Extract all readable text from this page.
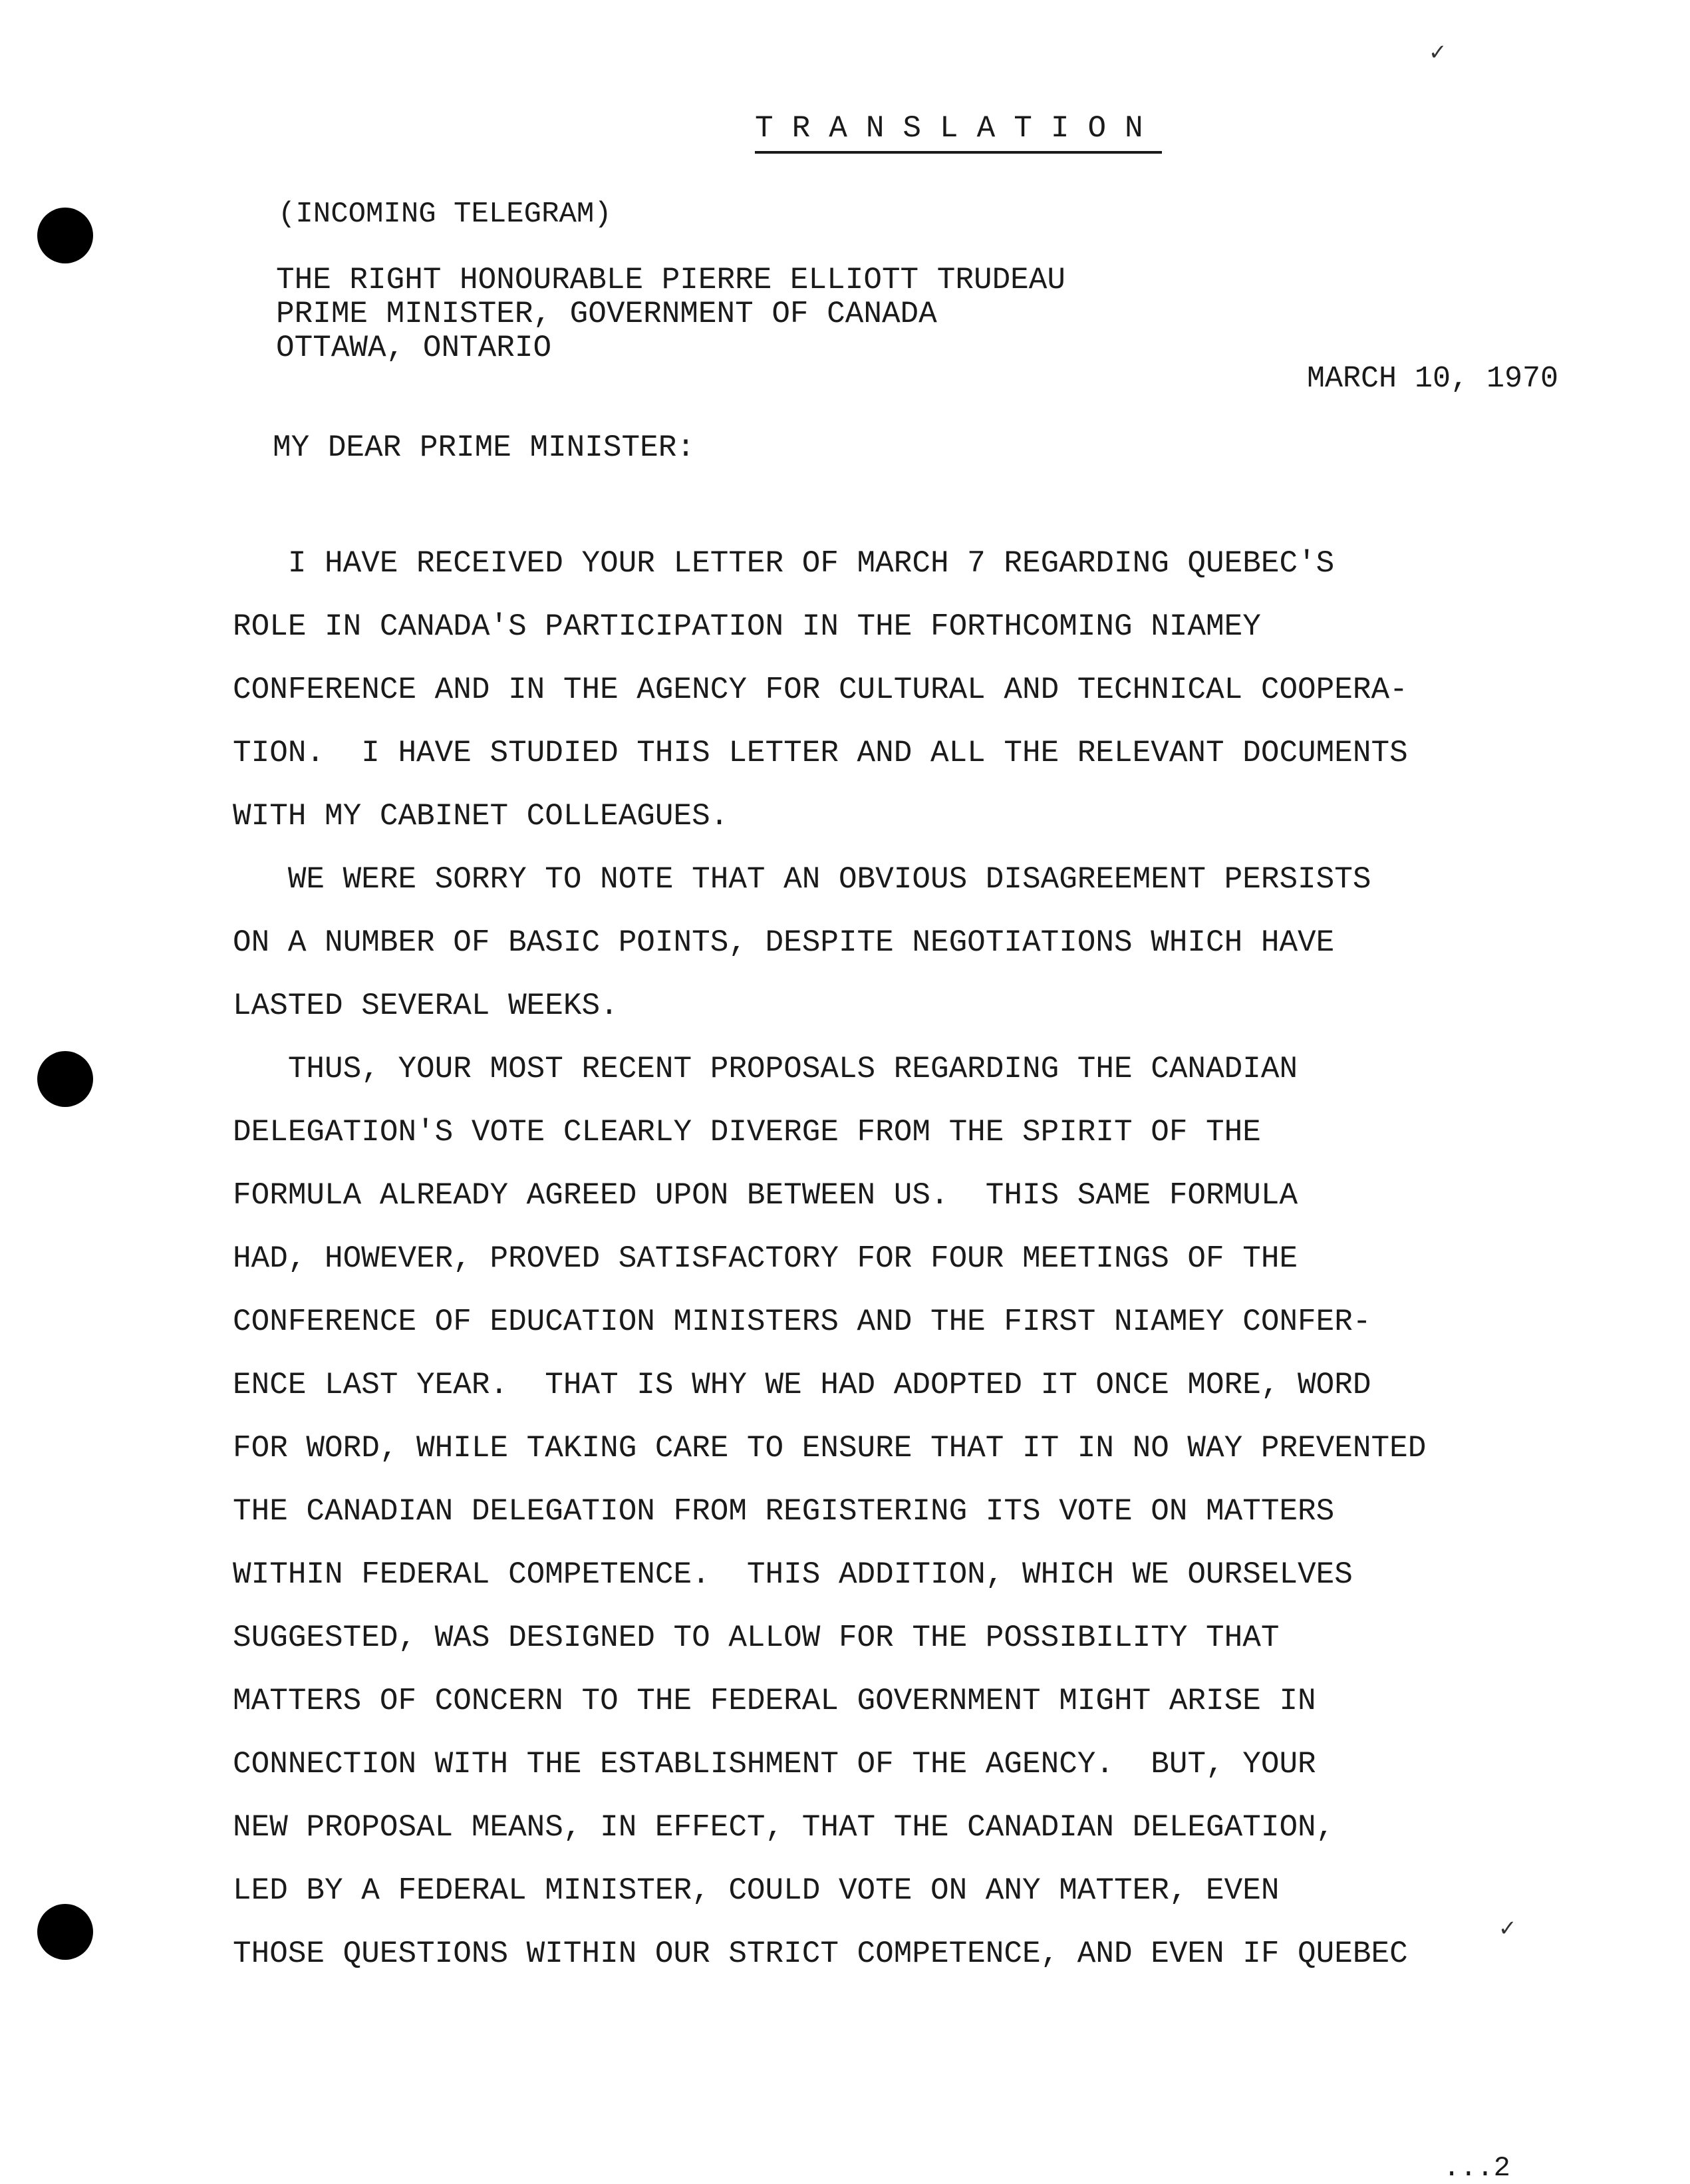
TRANSLATION
(INCOMING TELEGRAM)
THE RIGHT HONOURABLE PIERRE ELLIOTT TRUDEAU
PRIME MINISTER, GOVERNMENT OF CANADA
OTTAWA, ONTARIO
MARCH 10, 1970
MY DEAR PRIME MINISTER:
I HAVE RECEIVED YOUR LETTER OF MARCH 7 REGARDING QUEBEC'S
ROLE IN CANADA'S PARTICIPATION IN THE FORTHCOMING NIAMEY
CONFERENCE AND IN THE AGENCY FOR CULTURAL AND TECHNICAL COOPERA-
TION.  I HAVE STUDIED THIS LETTER AND ALL THE RELEVANT DOCUMENTS
WITH MY CABINET COLLEAGUES.
WE WERE SORRY TO NOTE THAT AN OBVIOUS DISAGREEMENT PERSISTS
ON A NUMBER OF BASIC POINTS, DESPITE NEGOTIATIONS WHICH HAVE
LASTED SEVERAL WEEKS.
THUS, YOUR MOST RECENT PROPOSALS REGARDING THE CANADIAN
DELEGATION'S VOTE CLEARLY DIVERGE FROM THE SPIRIT OF THE
FORMULA ALREADY AGREED UPON BETWEEN US.  THIS SAME FORMULA
HAD, HOWEVER, PROVED SATISFACTORY FOR FOUR MEETINGS OF THE
CONFERENCE OF EDUCATION MINISTERS AND THE FIRST NIAMEY CONFER-
ENCE LAST YEAR.  THAT IS WHY WE HAD ADOPTED IT ONCE MORE, WORD
FOR WORD, WHILE TAKING CARE TO ENSURE THAT IT IN NO WAY PREVENTED
THE CANADIAN DELEGATION FROM REGISTERING ITS VOTE ON MATTERS
WITHIN FEDERAL COMPETENCE.  THIS ADDITION, WHICH WE OURSELVES
SUGGESTED, WAS DESIGNED TO ALLOW FOR THE POSSIBILITY THAT
MATTERS OF CONCERN TO THE FEDERAL GOVERNMENT MIGHT ARISE IN
CONNECTION WITH THE ESTABLISHMENT OF THE AGENCY.  BUT, YOUR
NEW PROPOSAL MEANS, IN EFFECT, THAT THE CANADIAN DELEGATION,
LED BY A FEDERAL MINISTER, COULD VOTE ON ANY MATTER, EVEN
THOSE QUESTIONS WITHIN OUR STRICT COMPETENCE, AND EVEN IF QUEBEC
...2
✓
✓
